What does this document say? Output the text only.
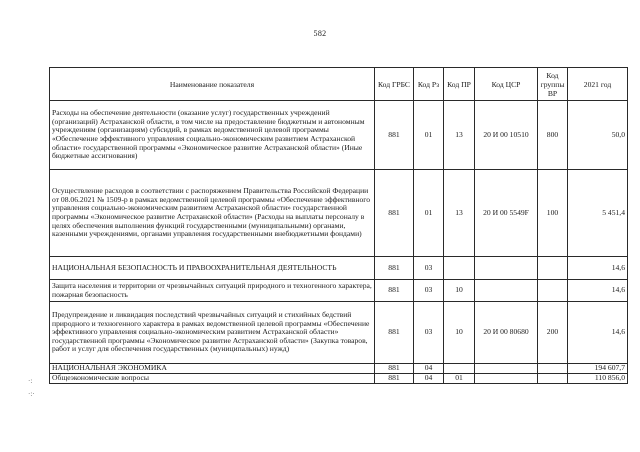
582
Наименование показателя	Код ГРБС	Код Рз	Код ПР	Код ЦСР	Код группы ВР	2021 год
Расходы на обеспечение деятельности (оказание услуг) государственных учреждений (организаций) Астраханской области, в том числе на предоставление бюджетным и автономным учреждениям (организациям) субсидий, в рамках ведомственной целевой программы «Обеспечение эффективного управления социально-экономическим развитием Астраханской области» государственной программы «Экономическое развитие Астраханской области» (Иные бюджетные ассигнования)	881	01	13	20 И 00 10510	800	50,0
Осуществление расходов в соответствии с распоряжением Правительства Российской Федерации от 08.06.2021 № 1509-р в рамках ведомственной целевой программы «Обеспечение эффективного управления социально-экономическим развитием Астраханской области» государственной программы «Экономическое развитие Астраханской области» (Расходы на выплаты персоналу в целях обеспечения выполнения функций государственными (муниципальными) органами, казенными учреждениями, органами управления государственными внебюджетными фондами)	881	01	13	20 И 00 5549F	100	5 451,4
НАЦИОНАЛЬНАЯ БЕЗОПАСНОСТЬ И ПРАВООХРАНИТЕЛЬНАЯ ДЕЯТЕЛЬНОСТЬ	881	03				14,6
Защита населения и территории от чрезвычайных ситуаций природного и техногенного характера, пожарная безопасность	881	03	10			14,6
Предупреждение и ликвидация последствий чрезвычайных ситуаций и стихийных бедствий природного и техногенного характера в рамках ведомственной целевой программы «Обеспечение эффективного управления социально-экономическим развитием Астраханской области» государственной программы «Экономическое развитие Астраханской области» (Закупка товаров, работ и услуг для обеспечения государственных (муниципальных) нужд)	881	03	10	20 И 00 80680	200	14,6
НАЦИОНАЛЬНАЯ ЭКОНОМИКА	881	04				194 607,7
Общеэкономические вопросы	881	04	01			110 856,0
·:
·:·
